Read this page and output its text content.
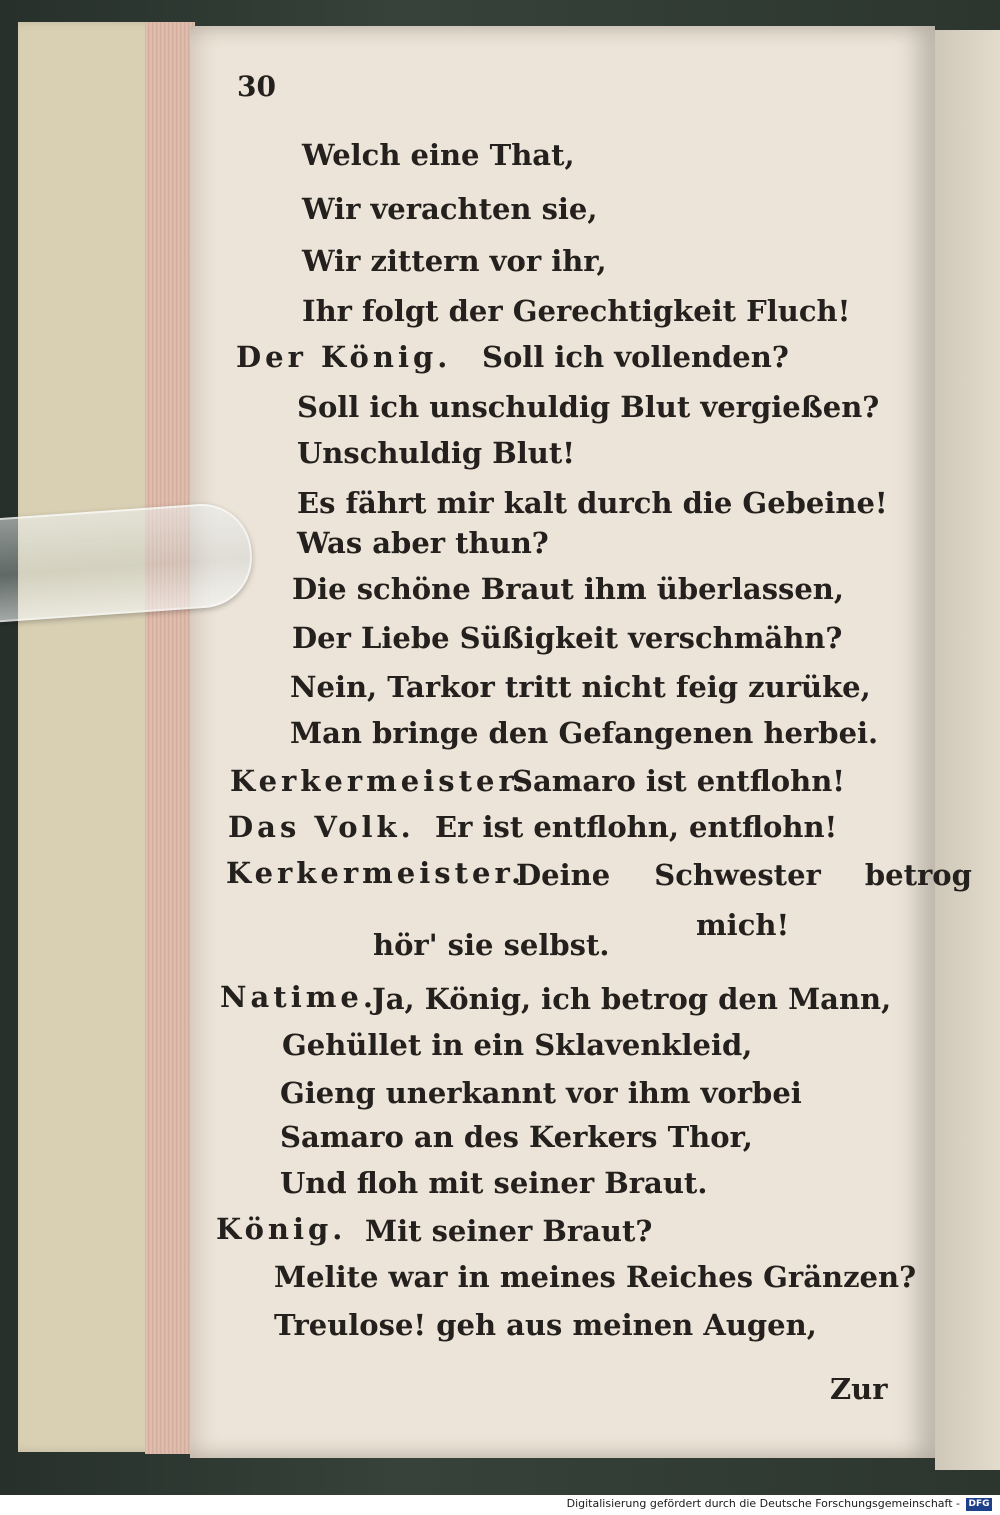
30
Welch eine That,
Wir verachten sie,
Wir zittern vor ihr,
Ihr folgt der Gerechtigkeit Fluch!
Der König. Soll ich vollenden?
Soll ich unschuldig Blut vergießen?
Unschuldig Blut!
Es fährt mir kalt durch die Gebeine!
Was aber thun?
Die schöne Braut ihm überlassen,
Der Liebe Süßigkeit verschmähn?
Nein, Tarkor tritt nicht feig zurüke,
Man bringe den Gefangenen herbei.
Kerkermeister.
Samaro ist entflohn!
Das Volk. Er ist entflohn, entflohn!
Kerkermeister.
Deine Schwester betrog
mich!
hör' sie selbst.
Natime.
Ja, König, ich betrog den Mann,
Gehüllet in ein Sklavenkleid,
Gieng unerkannt vor ihm vorbei
Samaro an des Kerkers Thor,
Und floh mit seiner Braut.
König. Mit seiner Braut?
Melite war in meines Reiches Gränzen?
Treulose! geh aus meinen Augen,
Zur
Digitalisierung gefördert durch die Deutsche Forschungsgemeinschaft - DFG
